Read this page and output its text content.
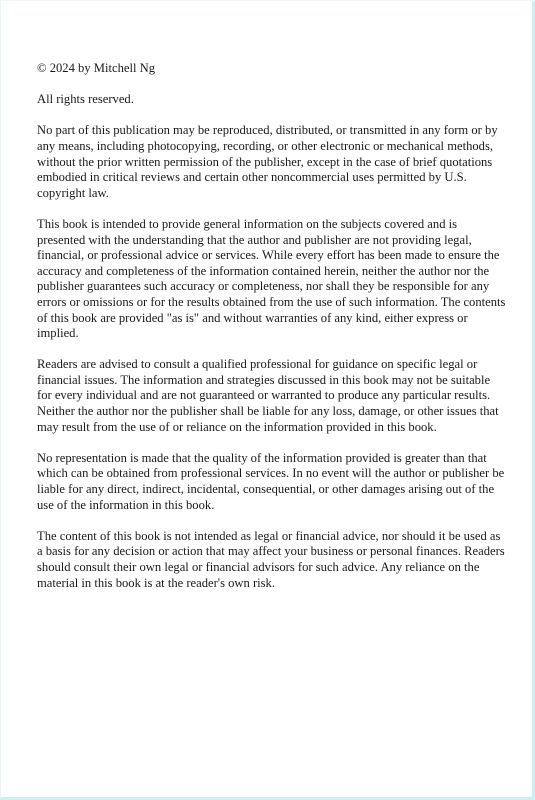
© 2024 by Mitchell Ng

All rights reserved.

No part of this publication may be reproduced, distributed, or transmitted in any form or by any means, including photocopying, recording, or other electronic or mechanical methods, without the prior written permission of the publisher, except in the case of brief quotations embodied in critical reviews and certain other noncommercial uses permitted by U.S. copyright law.

This book is intended to provide general information on the subjects covered and is presented with the understanding that the author and publisher are not providing legal, financial, or professional advice or services. While every effort has been made to ensure the accuracy and completeness of the information contained herein, neither the author nor the publisher guarantees such accuracy or completeness, nor shall they be responsible for any errors or omissions or for the results obtained from the use of such information. The contents of this book are provided "as is" and without warranties of any kind, either express or implied.

Readers are advised to consult a qualified professional for guidance on specific legal or financial issues. The information and strategies discussed in this book may not be suitable for every individual and are not guaranteed or warranted to produce any particular results. Neither the author nor the publisher shall be liable for any loss, damage, or other issues that may result from the use of or reliance on the information provided in this book.

No representation is made that the quality of the information provided is greater than that which can be obtained from professional services. In no event will the author or publisher be liable for any direct, indirect, incidental, consequential, or other damages arising out of the use of the information in this book.

The content of this book is not intended as legal or financial advice, nor should it be used as a basis for any decision or action that may affect your business or personal finances. Readers should consult their own legal or financial advisors for such advice. Any reliance on the material in this book is at the reader's own risk.
